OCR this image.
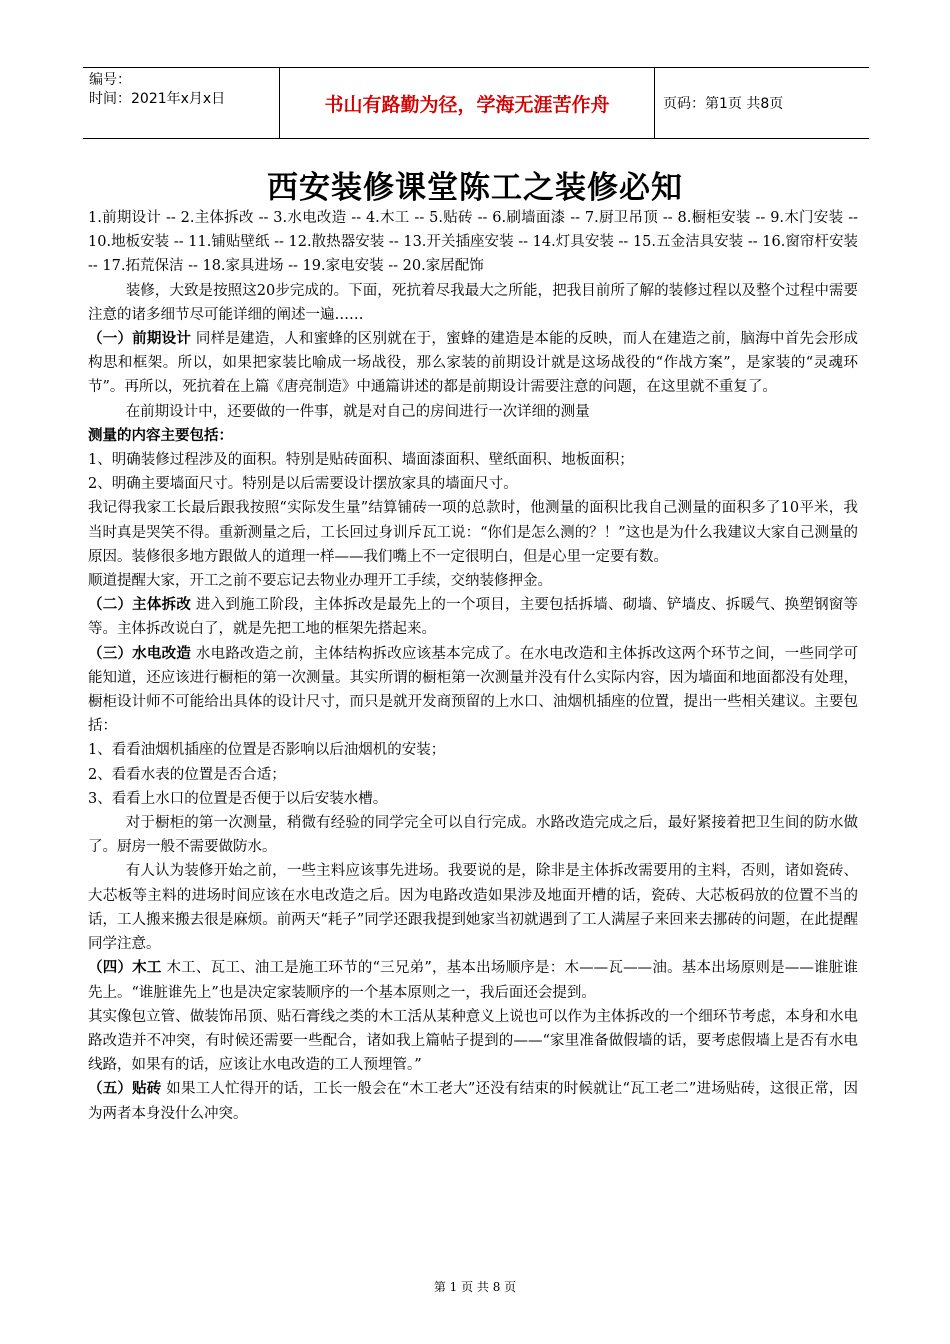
编号：
时间：2021年x月x日	书山有路勤为径，学海无涯苦作舟	页码：第1页 共8页
西安装修课堂陈工之装修必知

1.前期设计 -- 2.主体拆改 -- 3.水电改造 -- 4.木工 -- 5.贴砖 -- 6.刷墙面漆 -- 7.厨卫吊顶 -- 8.橱柜安装 -- 9.木门安装 -- 10.地板安装 -- 11.铺贴壁纸 -- 12.散热器安装 -- 13.开关插座安装 -- 14.灯具安装 -- 15.五金洁具安装 -- 16.窗帘杆安装 -- 17.拓荒保洁 -- 18.家具进场 -- 19.家电安装 -- 20.家居配饰

装修，大致是按照这20步完成的。下面，死抗着尽我最大之所能，把我目前所了解的装修过程以及整个过程中需要注意的诸多细节尽可能详细的阐述一遍……

（一）前期设计 同样是建造，人和蜜蜂的区别就在于，蜜蜂的建造是本能的反映，而人在建造之前，脑海中首先会形成构思和框架。所以，如果把家装比喻成一场战役，那么家装的前期设计就是这场战役的“作战方案”，是家装的“灵魂环节”。再所以，死抗着在上篇《唐亮制造》中通篇讲述的都是前期设计需要注意的问题，在这里就不重复了。

在前期设计中，还要做的一件事，就是对自己的房间进行一次详细的测量

测量的内容主要包括：

1、明确装修过程涉及的面积。特别是贴砖面积、墙面漆面积、壁纸面积、地板面积；

2、明确主要墙面尺寸。特别是以后需要设计摆放家具的墙面尺寸。

我记得我家工长最后跟我按照“实际发生量”结算铺砖一项的总款时，他测量的面积比我自己测量的面积多了10平米，我当时真是哭笑不得。重新测量之后，工长回过身训斥瓦工说：“你们是怎么测的？！”这也是为什么我建议大家自己测量的原因。装修很多地方跟做人的道理一样——我们嘴上不一定很明白，但是心里一定要有数。

顺道提醒大家，开工之前不要忘记去物业办理开工手续，交纳装修押金。

（二）主体拆改 进入到施工阶段，主体拆改是最先上的一个项目，主要包括拆墙、砌墙、铲墙皮、拆暖气、换塑钢窗等等。主体拆改说白了，就是先把工地的框架先搭起来。

（三）水电改造 水电路改造之前，主体结构拆改应该基本完成了。在水电改造和主体拆改这两个环节之间，一些同学可能知道，还应该进行橱柜的第一次测量。其实所谓的橱柜第一次测量并没有什么实际内容，因为墙面和地面都没有处理，橱柜设计师不可能给出具体的设计尺寸，而只是就开发商预留的上水口、油烟机插座的位置，提出一些相关建议。主要包括：

1、看看油烟机插座的位置是否影响以后油烟机的安装；

2、看看水表的位置是否合适；

3、看看上水口的位置是否便于以后安装水槽。

对于橱柜的第一次测量，稍微有经验的同学完全可以自行完成。水路改造完成之后，最好紧接着把卫生间的防水做了。厨房一般不需要做防水。

有人认为装修开始之前，一些主料应该事先进场。我要说的是，除非是主体拆改需要用的主料，否则，诸如瓷砖、大芯板等主料的进场时间应该在水电改造之后。因为电路改造如果涉及地面开槽的话，瓷砖、大芯板码放的位置不当的话，工人搬来搬去很是麻烦。前两天“耗子”同学还跟我提到她家当初就遇到了工人满屋子来回来去挪砖的问题，在此提醒同学注意。

（四）木工 木工、瓦工、油工是施工环节的“三兄弟”，基本出场顺序是：木——瓦——油。基本出场原则是——谁脏谁先上。“谁脏谁先上”也是决定家装顺序的一个基本原则之一，我后面还会提到。

其实像包立管、做装饰吊顶、贴石膏线之类的木工活从某种意义上说也可以作为主体拆改的一个细环节考虑，本身和水电路改造并不冲突，有时候还需要一些配合，诸如我上篇帖子提到的——“家里准备做假墙的话，要考虑假墙上是否有水电线路，如果有的话，应该让水电改造的工人预埋管。”

（五）贴砖 如果工人忙得开的话，工长一般会在“木工老大”还没有结束的时候就让“瓦工老二”进场贴砖，这很正常，因为两者本身没什么冲突。

第 1 页 共 8 页
